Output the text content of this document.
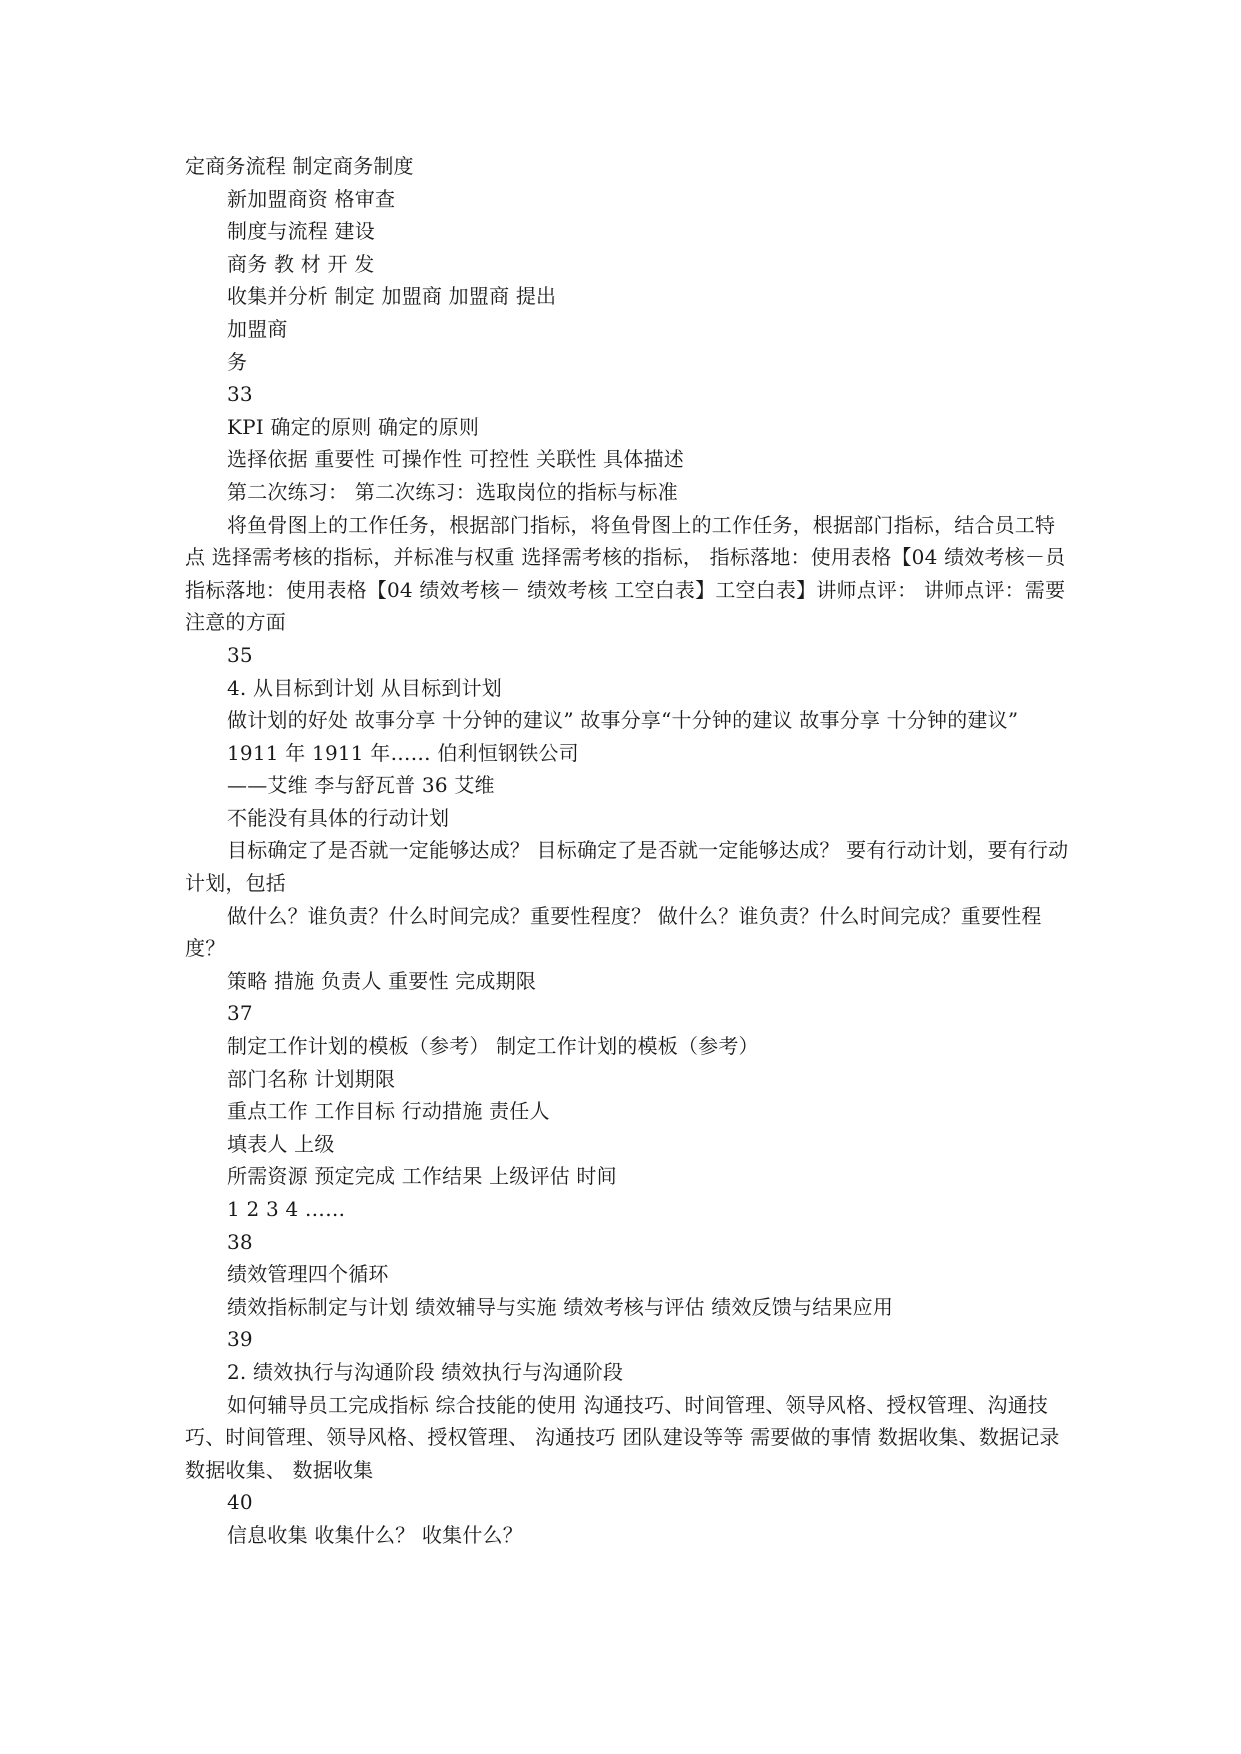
定商务流程 制定商务制度

新加盟商资 格审查

制度与流程 建设

商务 教 材 开 发

收集并分析 制定 加盟商 加盟商 提出

加盟商

务

33

KPI 确定的原则 确定的原则

选择依据 重要性 可操作性 可控性 关联性 具体描述

第二次练习： 第二次练习：选取岗位的指标与标准

将鱼骨图上的工作任务，根据部门指标，将鱼骨图上的工作任务，根据部门指标，结合员工特点 选择需考核的指标，并标准与权重 选择需考核的指标， 指标落地：使用表格【04 绩效考核－员 指标落地：使用表格【04 绩效考核－ 绩效考核 工空白表】工空白表】讲师点评： 讲师点评：需要注意的方面

35

4. 从目标到计划 从目标到计划

做计划的好处 故事分享 十分钟的建议” 故事分享“十分钟的建议 故事分享 十分钟的建议”

1911 年 1911 年…… 伯利恒钢铁公司

——艾维 李与舒瓦普 36 艾维

不能没有具体的行动计划

目标确定了是否就一定能够达成？ 目标确定了是否就一定能够达成？ 要有行动计划，要有行动计划，包括

做什么？谁负责？什么时间完成？重要性程度？ 做什么？谁负责？什么时间完成？重要性程度？

策略 措施 负责人 重要性 完成期限

37

制定工作计划的模板（参考） 制定工作计划的模板（参考）

部门名称 计划期限

重点工作 工作目标 行动措施 责任人

填表人 上级

所需资源 预定完成 工作结果 上级评估 时间

1 2 3 4 ……

38

绩效管理四个循环

绩效指标制定与计划 绩效辅导与实施 绩效考核与评估 绩效反馈与结果应用

39

2. 绩效执行与沟通阶段 绩效执行与沟通阶段

如何辅导员工完成指标 综合技能的使用 沟通技巧、时间管理、领导风格、授权管理、沟通技巧、时间管理、领导风格、授权管理、 沟通技巧 团队建设等等 需要做的事情 数据收集、数据记录 数据收集、 数据收集

40

信息收集 收集什么？ 收集什么？
